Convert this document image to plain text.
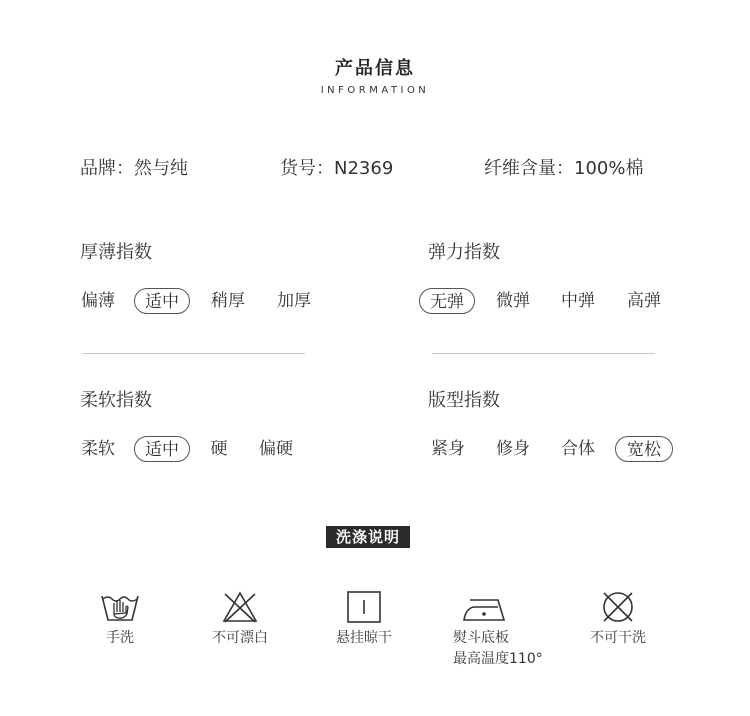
产品信息
INFORMATION
品牌：然与纯	货号：N2369	纤维含量：100%棉
厚薄指数
偏薄	适中	稍厚 加厚
弹力指数
无弹	微弹 中弹 高弹
柔软指数
柔软	适中	硬 偏硬
版型指数
紧身 修身 合体	宽松
洗涤说明
手洗	不可漂白	悬挂晾干	熨斗底板
最高温度110°
不可干洗
